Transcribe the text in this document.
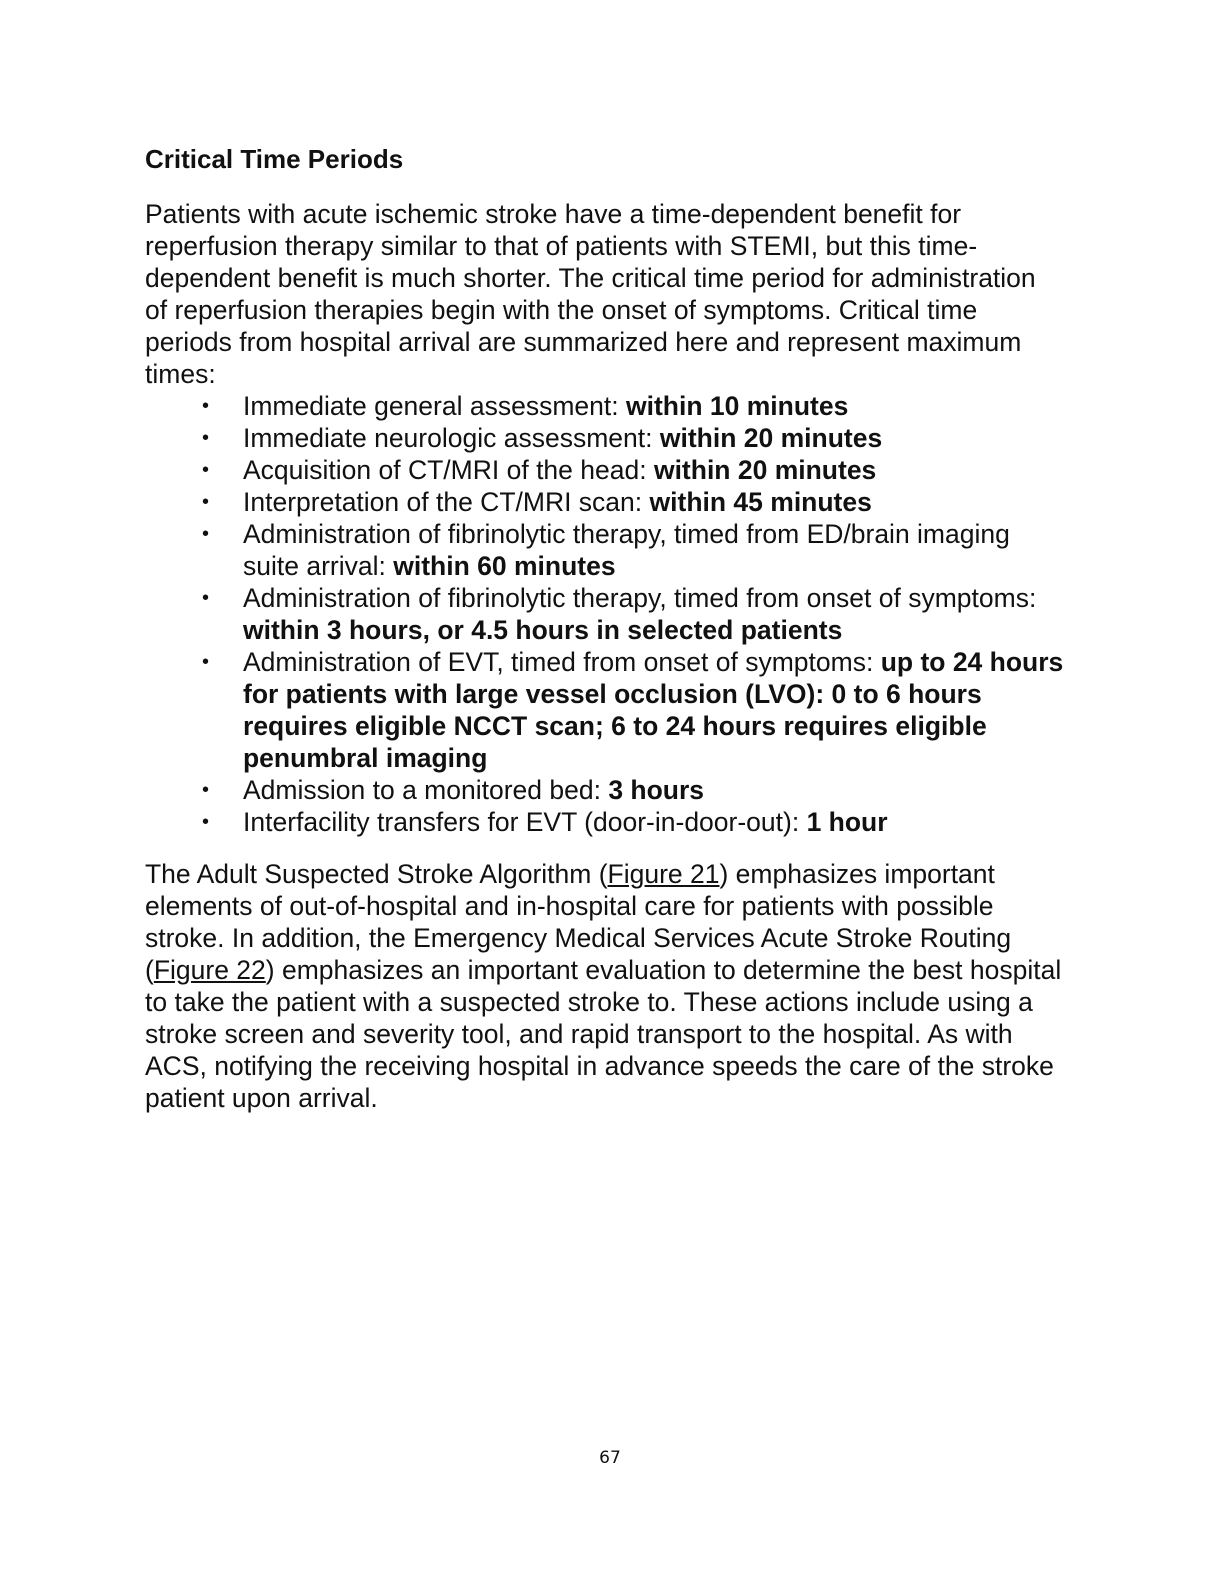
Critical Time Periods

Patients with acute ischemic stroke have a time-dependent benefit for reperfusion therapy similar to that of patients with STEMI, but this time-dependent benefit is much shorter. The critical time period for administration of reperfusion therapies begin with the onset of symptoms. Critical time periods from hospital arrival are summarized here and represent maximum times:

• Immediate general assessment: within 10 minutes
• Immediate neurologic assessment: within 20 minutes
• Acquisition of CT/MRI of the head: within 20 minutes
• Interpretation of the CT/MRI scan: within 45 minutes
• Administration of fibrinolytic therapy, timed from ED/brain imaging suite arrival: within 60 minutes
• Administration of fibrinolytic therapy, timed from onset of symptoms: within 3 hours, or 4.5 hours in selected patients
• Administration of EVT, timed from onset of symptoms: up to 24 hours for patients with large vessel occlusion (LVO): 0 to 6 hours requires eligible NCCT scan; 6 to 24 hours requires eligible penumbral imaging
• Admission to a monitored bed: 3 hours
• Interfacility transfers for EVT (door-in-door-out): 1 hour

The Adult Suspected Stroke Algorithm (Figure 21) emphasizes important elements of out-of-hospital and in-hospital care for patients with possible stroke. In addition, the Emergency Medical Services Acute Stroke Routing (Figure 22) emphasizes an important evaluation to determine the best hospital to take the patient with a suspected stroke to. These actions include using a stroke screen and severity tool, and rapid transport to the hospital. As with ACS, notifying the receiving hospital in advance speeds the care of the stroke patient upon arrival.

67
